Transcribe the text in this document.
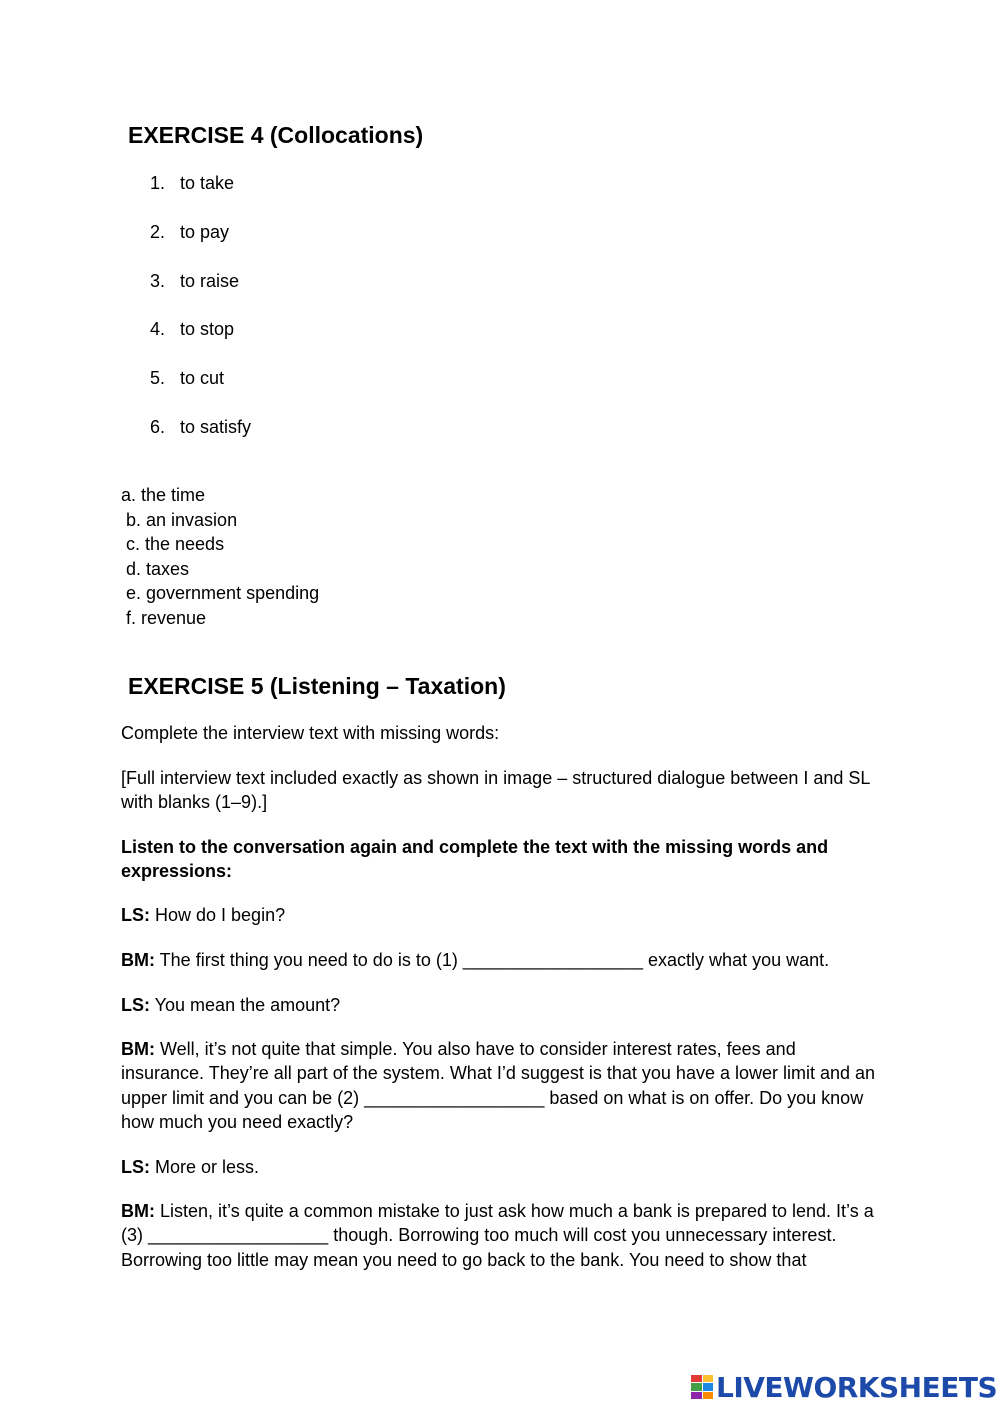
EXERCISE 4 (Collocations)
1. to take
2. to pay
3. to raise
4. to stop
5. to cut
6. to satisfy
a. the time
b. an invasion
c. the needs
d. taxes
e. government spending
f. revenue
EXERCISE 5 (Listening – Taxation)

Complete the interview text with missing words:

[Full interview text included exactly as shown in image – structured dialogue between I and SL with blanks (1–9).]

Listen to the conversation again and complete the text with the missing words and expressions:

LS: How do I begin?

BM: The first thing you need to do is to (1) __________________ exactly what you want.

LS: You mean the amount?

BM: Well, it’s not quite that simple. You also have to consider interest rates, fees and insurance. They’re all part of the system. What I’d suggest is that you have a lower limit and an upper limit and you can be (2) __________________ based on what is on offer. Do you know how much you need exactly?

LS: More or less.

BM: Listen, it’s quite a common mistake to just ask how much a bank is prepared to lend. It’s a (3) __________________ though. Borrowing too much will cost you unnecessary interest. Borrowing too little may mean you need to go back to the bank. You need to show that

LIVEWORKSHEETS
